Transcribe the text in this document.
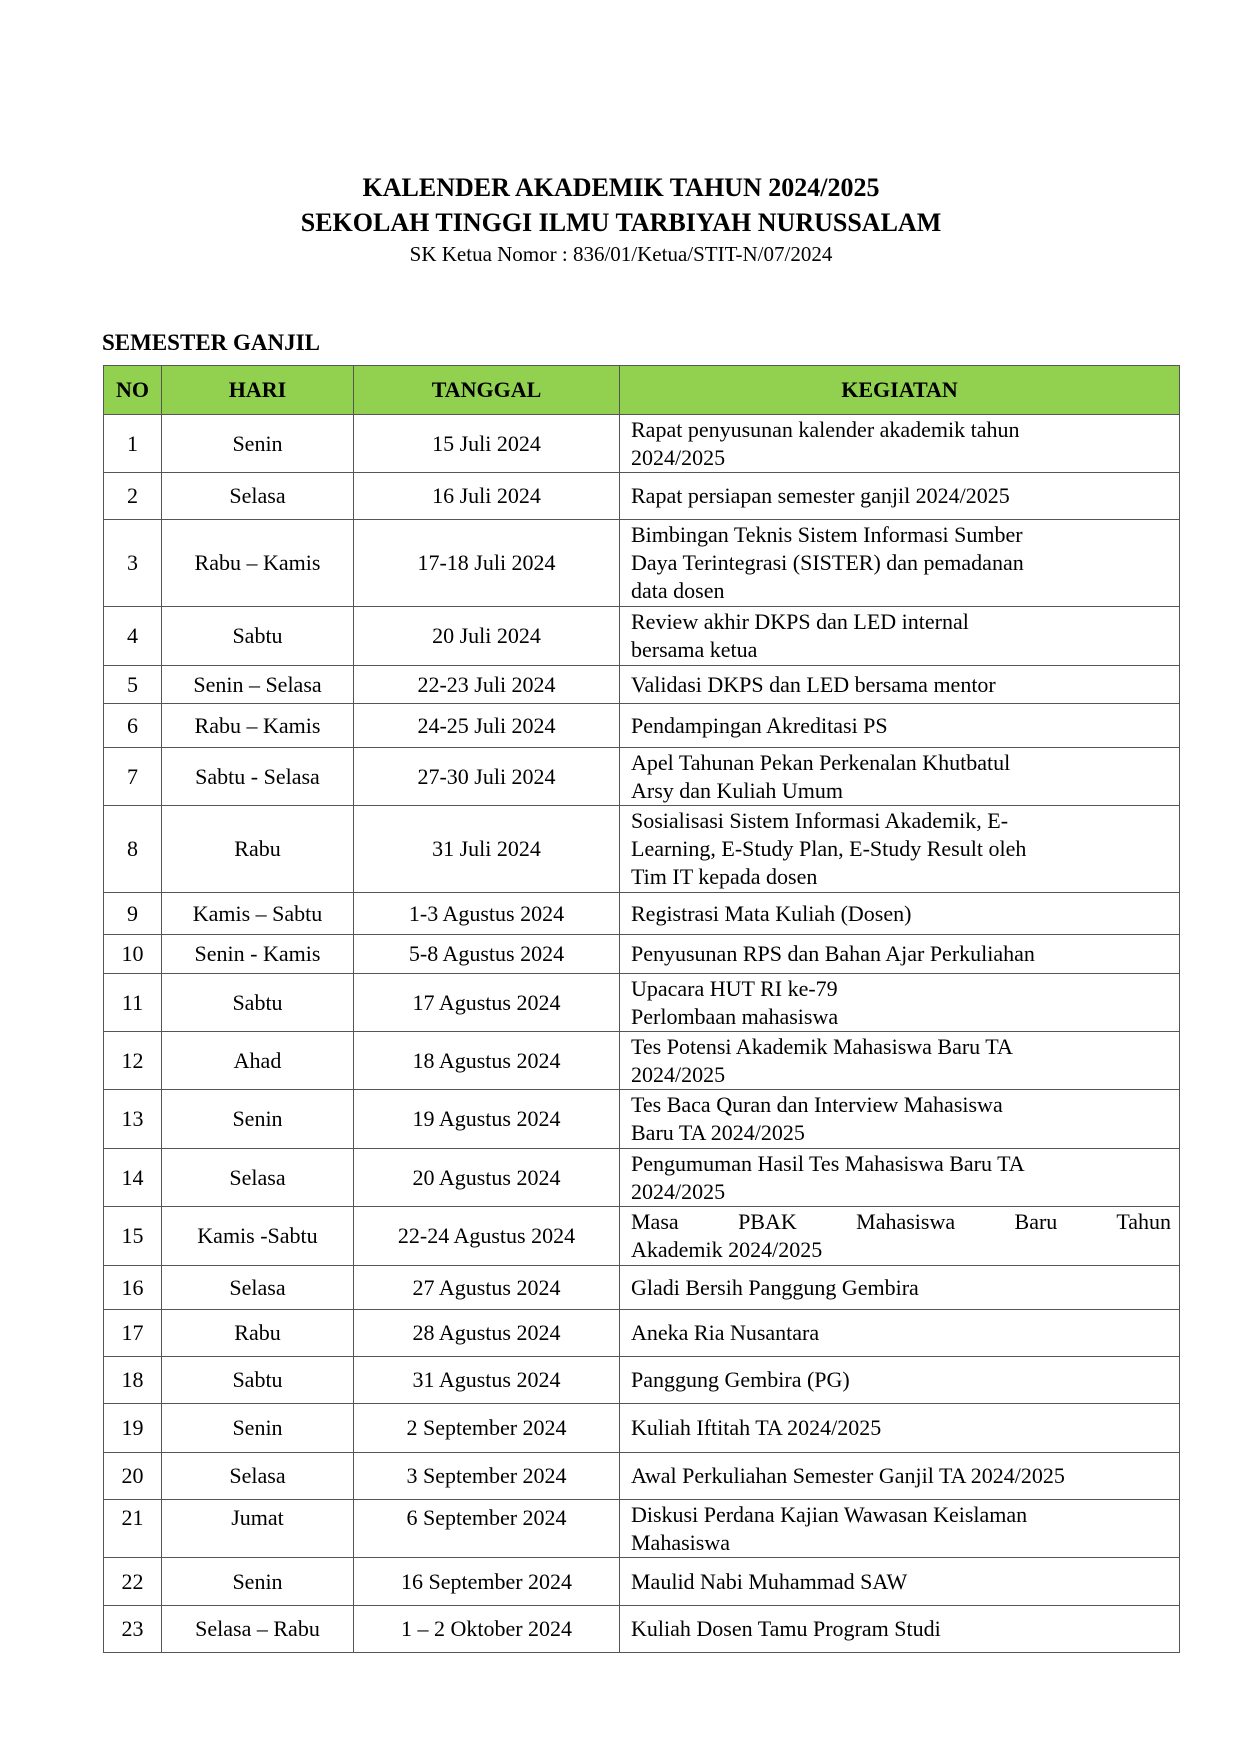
KALENDER AKADEMIK TAHUN 2024/2025
SEKOLAH TINGGI ILMU TARBIYAH NURUSSALAM
SK Ketua Nomor : 836/01/Ketua/STIT-N/07/2024
SEMESTER GANJIL
NO	HARI	TANGGAL	KEGIATAN
1	Senin	15 Juli 2024	Rapat penyusunan kalender akademik tahun
2024/2025

2	Selasa	16 Juli 2024	Rapat persiapan semester ganjil 2024/2025

3	Rabu – Kamis	17-18 Juli 2024	Bimbingan Teknis Sistem Informasi Sumber
Daya Terintegrasi (SISTER) dan pemadanan
data dosen

4	Sabtu	20 Juli 2024	Review akhir DKPS dan LED internal
bersama ketua

5	Senin – Selasa	22-23 Juli 2024	Validasi DKPS dan LED bersama mentor

6	Rabu – Kamis	24-25 Juli 2024	Pendampingan Akreditasi PS

7	Sabtu - Selasa	27-30 Juli 2024	Apel Tahunan Pekan Perkenalan Khutbatul
Arsy dan Kuliah Umum

8	Rabu	31 Juli 2024	Sosialisasi Sistem Informasi Akademik, E-
Learning, E-Study Plan, E-Study Result oleh
Tim IT kepada dosen

9	Kamis – Sabtu	1-3 Agustus 2024	Registrasi Mata Kuliah (Dosen)

10	Senin - Kamis	5-8 Agustus 2024	Penyusunan RPS dan Bahan Ajar Perkuliahan

11	Sabtu	17 Agustus 2024	Upacara HUT RI ke-79
Perlombaan mahasiswa

12	Ahad	18 Agustus 2024	Tes Potensi Akademik Mahasiswa Baru TA
2024/2025

13	Senin	19 Agustus 2024	Tes Baca Quran dan Interview Mahasiswa
Baru TA 2024/2025

14	Selasa	20 Agustus 2024	Pengumuman Hasil Tes Mahasiswa Baru TA
2024/2025

15	Kamis -Sabtu	22-24 Agustus 2024	Masa PBAK Mahasiswa Baru Tahun
Akademik 2024/2025

16	Selasa	27 Agustus 2024	Gladi Bersih Panggung Gembira

17	Rabu	28 Agustus 2024	Aneka Ria Nusantara

18	Sabtu	31 Agustus 2024	Panggung Gembira (PG)

19	Senin	2 September 2024	Kuliah Iftitah TA 2024/2025

20	Selasa	3 September 2024	Awal Perkuliahan Semester Ganjil TA 2024/2025

21	Jumat	6 September 2024	Diskusi Perdana Kajian Wawasan Keislaman
Mahasiswa

22	Senin	16 September 2024	Maulid Nabi Muhammad SAW

23	Selasa – Rabu	1 – 2 Oktober 2024	Kuliah Dosen Tamu Program Studi
